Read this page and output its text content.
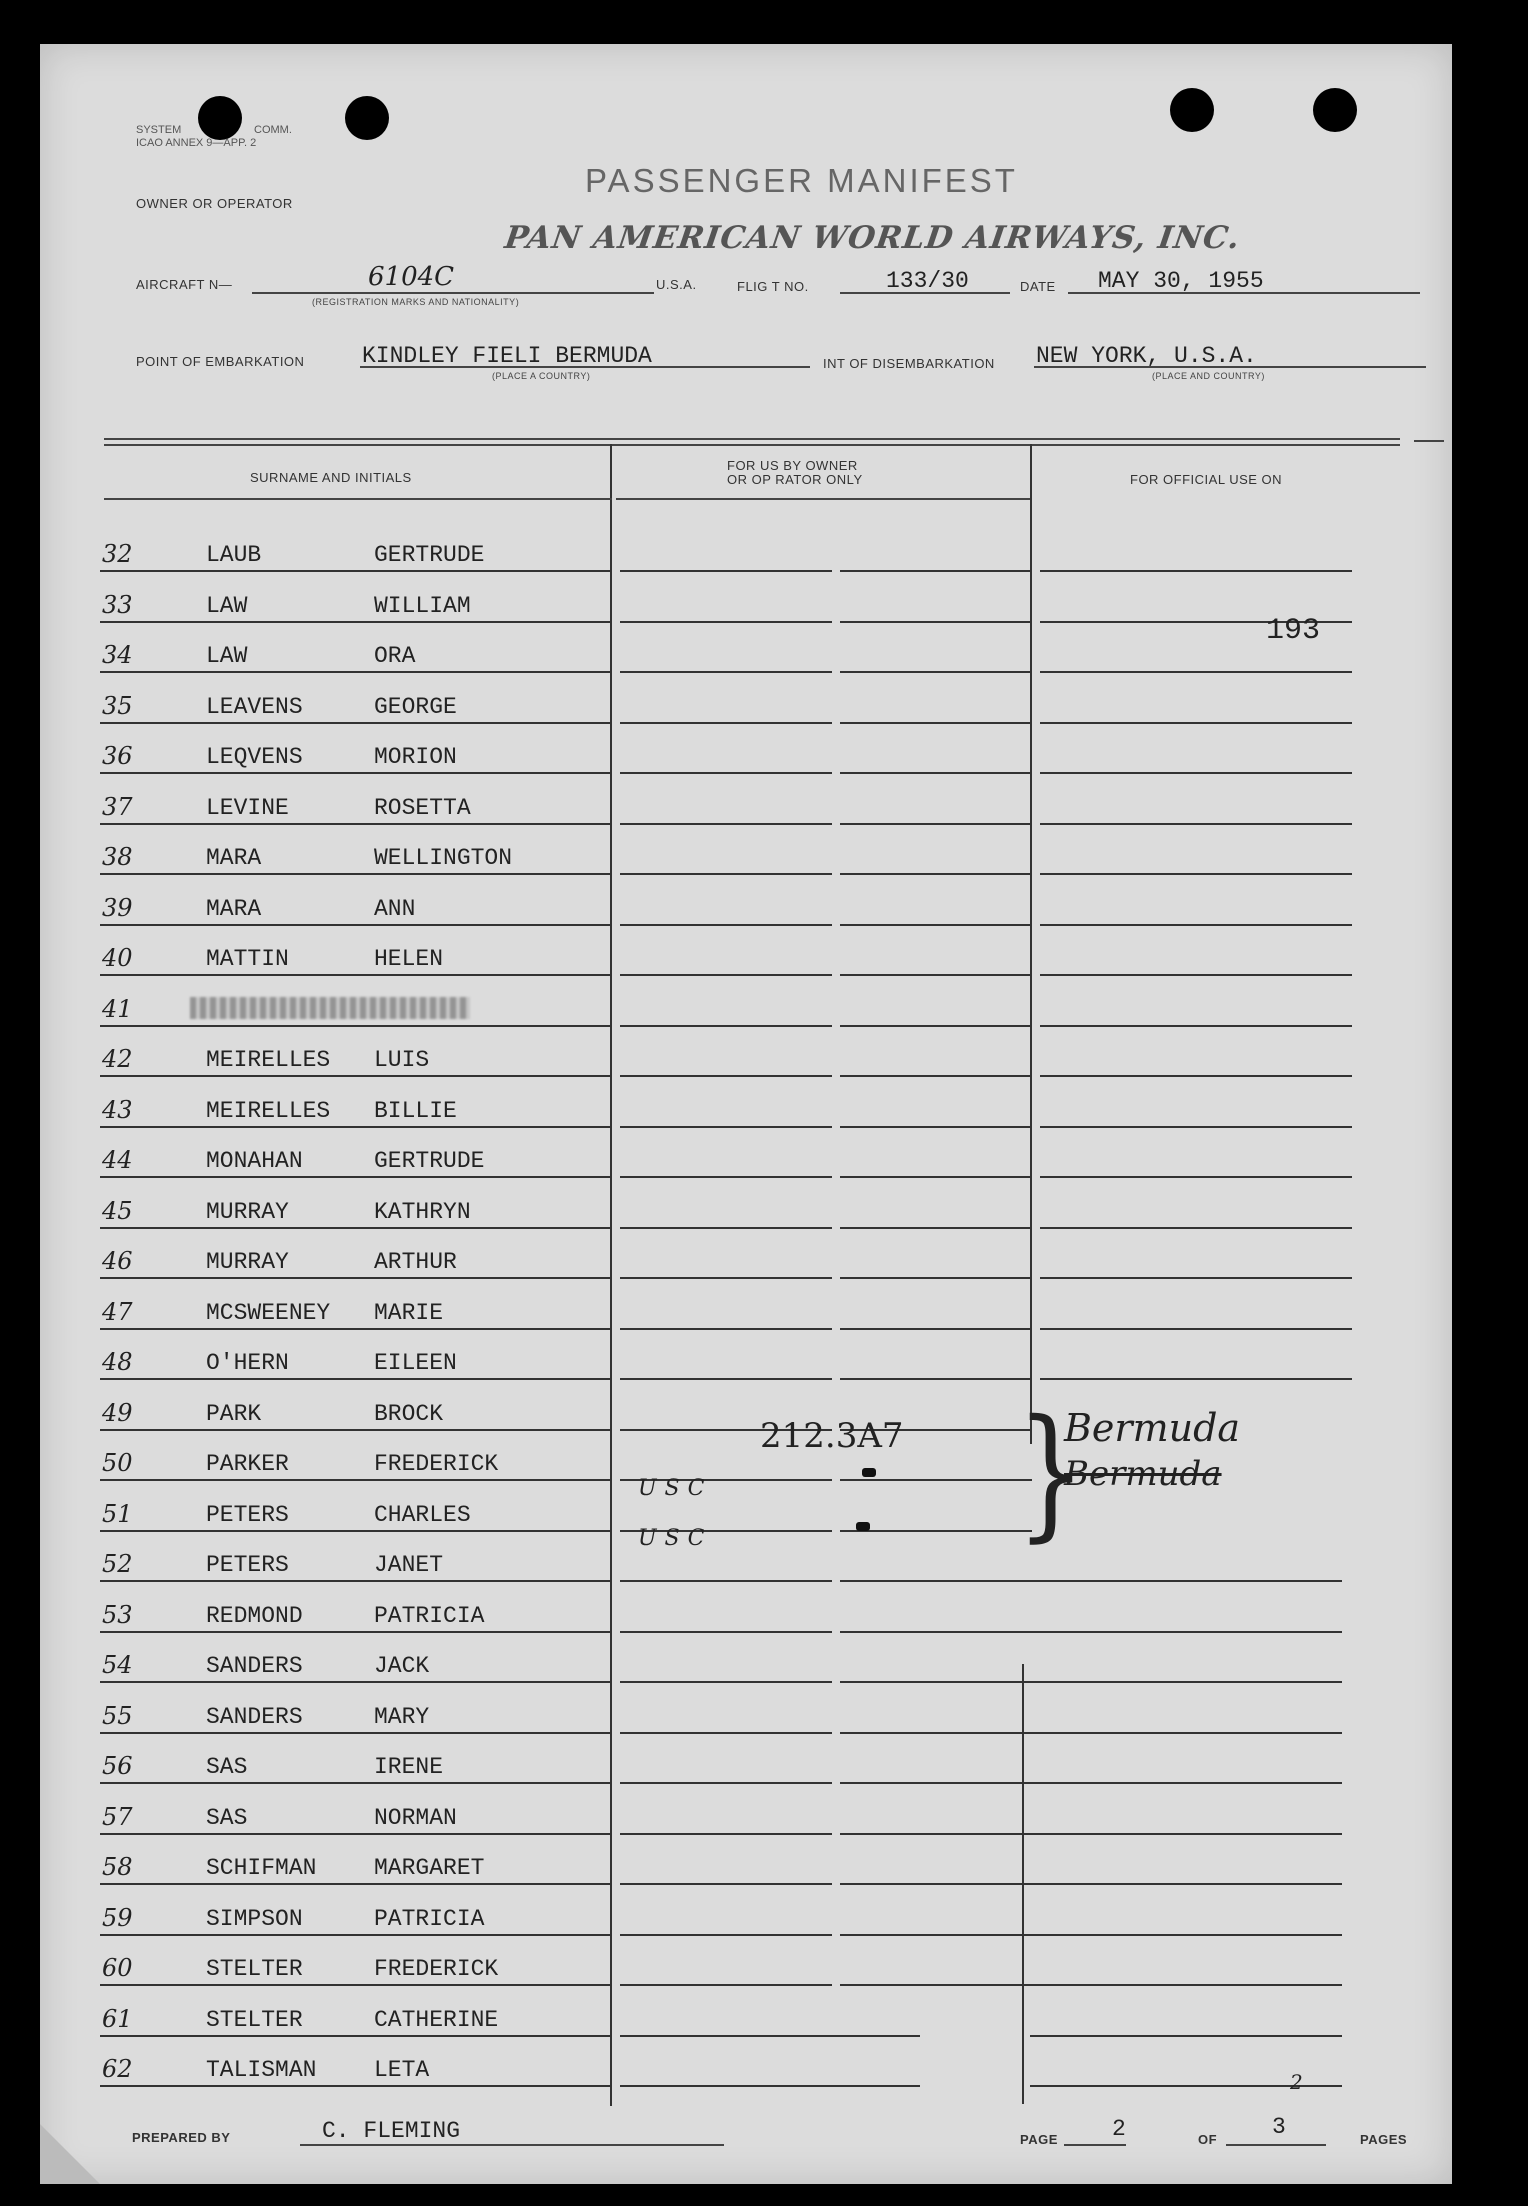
SYSTEM	COMM.
ICAO ANNEX 9—APP. 2
PASSENGER MANIFEST
OWNER OR OPERATOR
PAN AMERICAN WORLD AIRWAYS, INC.
AIRCRAFT N—	6104C
(REGISTRATION MARKS AND NATIONALITY)
U.S.A.	FLIG T NO.	133/30	DATE MAY 30, 1955
POINT OF EMBARKATION	KINDLEY FIELI BERMUDA
(PLACE A COUNTRY)
INT OF DISEMBARKATION NEW YORK, U.S.A.
(PLACE AND COUNTRY)
SURNAME AND INITIALS
FOR US BY OWNER
OR OP RATOR ONLY	FOR OFFICIAL USE ON
32	LAUB	GERTRUDE
33	LAW	WILLIAM
34	LAW	ORA
35	LEAVENS	GEORGE
36	LEQVENS	MORION
37	LEVINE	ROSETTA
38	MARA	WELLINGTON
39	MARA	ANN
40	MATTIN	HELEN
41
42	MEIRELLES LUIS
43	MEIRELLES BILLIE
44	MONAHAN	GERTRUDE
45	MURRAY	KATHRYN
46	MURRAY	ARTHUR
47	MCSWEENEY MARIE
48	O'HERN	EILEEN
49	PARK	BROCK
50	PARKER	FREDERICK
51	PETERS	CHARLES
52	PETERS	JANET
53	REDMOND	PATRICIA
54	SANDERS	JACK
55	SANDERS	MARY
56	SAS	IRENE
57	SAS	NORMAN
58	SCHIFMAN	MARGARET
59	SIMPSON	PATRICIA
60	STELTER	FREDERICK
61	STELTER	CATHERINE
62	TALISMAN	LETA
193
USC
USC
212.3A7 }
Bermuda
Bermuda
2
PREPARED BY	C. FLEMING	PAGE 2	OF 3	PAGES
